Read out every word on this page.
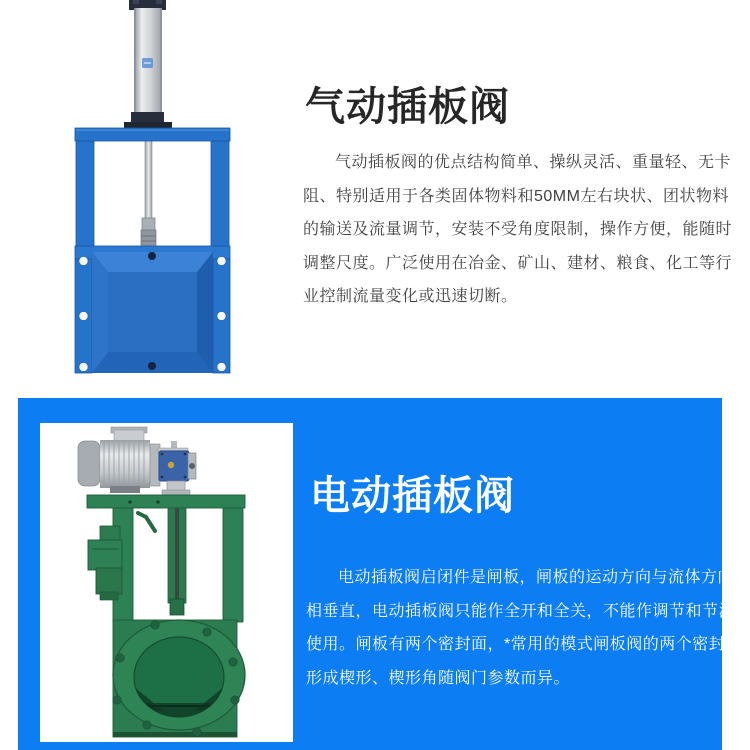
气动插板阀
气动插板阀的优点结构简单、操纵灵活、重量轻、无卡
阻、特别适用于各类固体物料和50MM左右块状、团状物料
的输送及流量调节，安装不受角度限制，操作方便，能随时
调整尺度。广泛使用在冶金、矿山、建材、粮食、化工等行
业控制流量变化或迅速切断。
电动插板阀
电动插板阀启闭件是闸板，闸板的运动方向与流体方向
相垂直，电动插板阀只能作全开和全关，不能作调节和节流
使用。闸板有两个密封面，*常用的模式闸板阀的两个密封面
形成楔形、楔形角随阀门参数而异。
